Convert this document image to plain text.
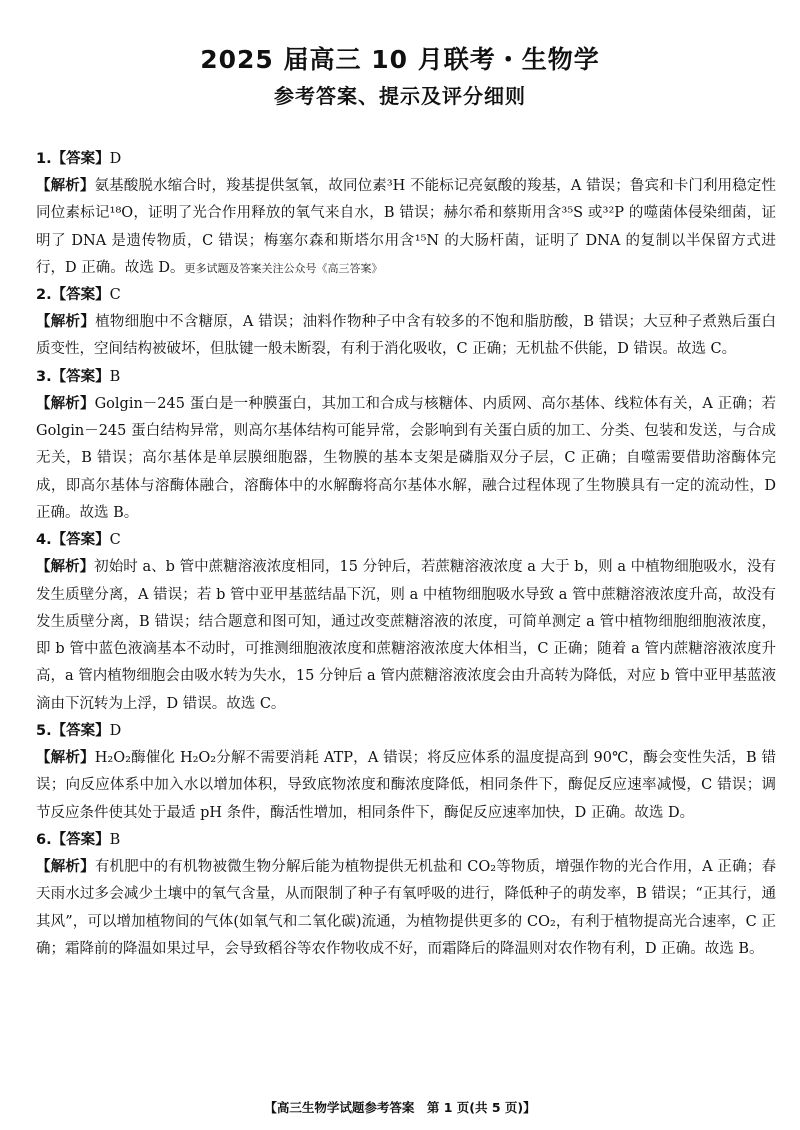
2025 届高三 10 月联考・生物学
参考答案、提示及评分细则
1.【答案】D
【解析】氨基酸脱水缩合时，羧基提供氢氧，故同位素³H 不能标记亮氨酸的羧基，A 错误；鲁宾和卡门利用稳定性同位素标记¹⁸O，证明了光合作用释放的氧气来自水，B 错误；赫尔希和蔡斯用含³⁵S 或³²P 的噬菌体侵染细菌，证明了 DNA 是遗传物质，C 错误；梅塞尔森和斯塔尔用含¹⁵N 的大肠杆菌，证明了 DNA 的复制以半保留方式进行，D 正确。故选 D。更多试题及答案关注公众号《高三答案》
2.【答案】C
【解析】植物细胞中不含糖原，A 错误；油料作物种子中含有较多的不饱和脂肪酸，B 错误；大豆种子煮熟后蛋白质变性，空间结构被破坏，但肽键一般未断裂，有利于消化吸收，C 正确；无机盐不供能，D 错误。故选 C。
3.【答案】B
【解析】Golgin－245 蛋白是一种膜蛋白，其加工和合成与核糖体、内质网、高尔基体、线粒体有关，A 正确；若 Golgin－245 蛋白结构异常，则高尔基体结构可能异常，会影响到有关蛋白质的加工、分类、包装和发送，与合成无关，B 错误；高尔基体是单层膜细胞器，生物膜的基本支架是磷脂双分子层，C 正确；自噬需要借助溶酶体完成，即高尔基体与溶酶体融合，溶酶体中的水解酶将高尔基体水解，融合过程体现了生物膜具有一定的流动性，D 正确。故选 B。
4.【答案】C
【解析】初始时 a、b 管中蔗糖溶液浓度相同，15 分钟后，若蔗糖溶液浓度 a 大于 b，则 a 中植物细胞吸水，没有发生质壁分离，A 错误；若 b 管中亚甲基蓝结晶下沉，则 a 中植物细胞吸水导致 a 管中蔗糖溶液浓度升高，故没有发生质壁分离，B 错误；结合题意和图可知，通过改变蔗糖溶液的浓度，可简单测定 a 管中植物细胞细胞液浓度，即 b 管中蓝色液滴基本不动时，可推测细胞液浓度和蔗糖溶液浓度大体相当，C 正确；随着 a 管内蔗糖溶液浓度升高，a 管内植物细胞会由吸水转为失水，15 分钟后 a 管内蔗糖溶液浓度会由升高转为降低，对应 b 管中亚甲基蓝液滴由下沉转为上浮，D 错误。故选 C。
5.【答案】D
【解析】H₂O₂酶催化 H₂O₂分解不需要消耗 ATP，A 错误；将反应体系的温度提高到 90℃，酶会变性失活，B 错误；向反应体系中加入水以增加体积，导致底物浓度和酶浓度降低，相同条件下，酶促反应速率减慢，C 错误；调节反应条件使其处于最适 pH 条件，酶活性增加，相同条件下，酶促反应速率加快，D 正确。故选 D。
6.【答案】B
【解析】有机肥中的有机物被微生物分解后能为植物提供无机盐和 CO₂等物质，增强作物的光合作用，A 正确；春天雨水过多会减少土壤中的氧气含量，从而限制了种子有氧呼吸的进行，降低种子的萌发率，B 错误；“正其行，通其风”，可以增加植物间的气体(如氧气和二氧化碳)流通，为植物提供更多的 CO₂，有利于植物提高光合速率，C 正确；霜降前的降温如果过早，会导致稻谷等农作物收成不好，而霜降后的降温则对农作物有利，D 正确。故选 B。
【高三生物学试题参考答案　第 1 页(共 5 页)】
